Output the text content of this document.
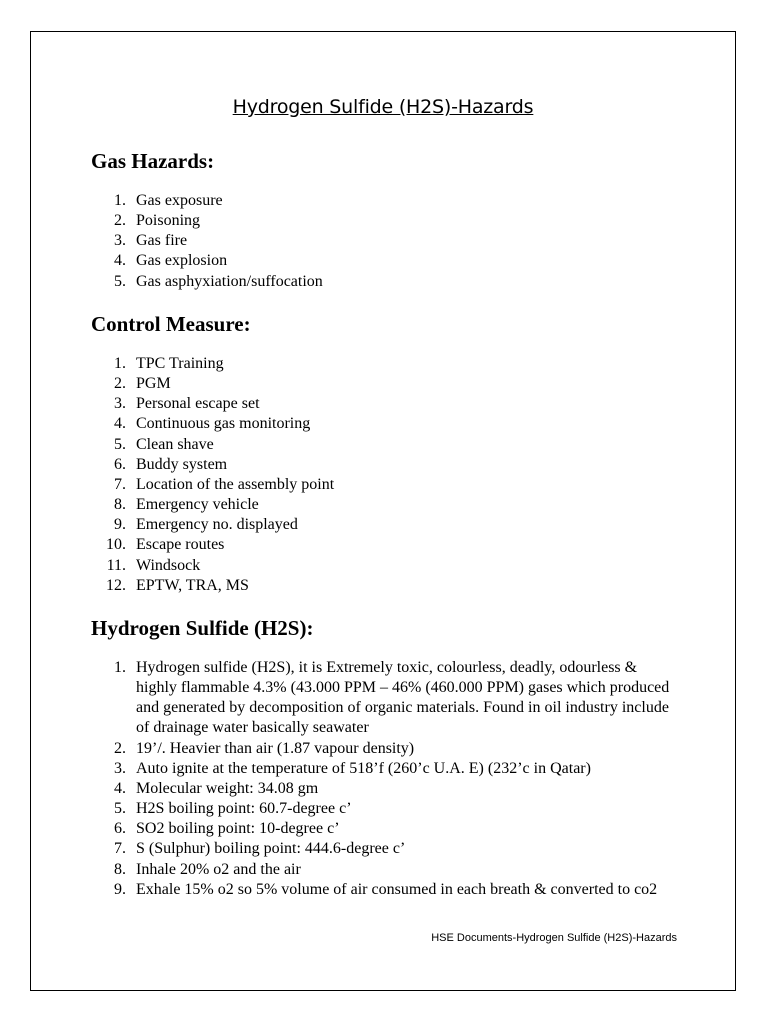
Hydrogen Sulfide (H2S)-Hazards
Gas Hazards:
1. Gas exposure
2. Poisoning
3. Gas fire
4. Gas explosion
5. Gas asphyxiation/suffocation
Control Measure:
1. TPC Training
2. PGM
3. Personal escape set
4. Continuous gas monitoring
5. Clean shave
6. Buddy system
7. Location of the assembly point
8. Emergency vehicle
9. Emergency no. displayed
10. Escape routes
11. Windsock
12. EPTW, TRA, MS
Hydrogen Sulfide (H2S):
1. Hydrogen sulfide (H2S), it is Extremely toxic, colourless, deadly, odourless & highly flammable 4.3% (43.000 PPM – 46% (460.000 PPM) gases which produced and generated by decomposition of organic materials. Found in oil industry include of drainage water basically seawater
2. 19’/. Heavier than air (1.87 vapour density)
3. Auto ignite at the temperature of 518’f (260’c U.A. E) (232’c in Qatar)
4. Molecular weight: 34.08 gm
5. H2S boiling point: 60.7-degree c’
6. SO2 boiling point: 10-degree c’
7. S (Sulphur) boiling point: 444.6-degree c’
8. Inhale 20% o2 and the air
9. Exhale 15% o2 so 5% volume of air consumed in each breath & converted to co2
HSE Documents-Hydrogen Sulfide (H2S)-Hazards
